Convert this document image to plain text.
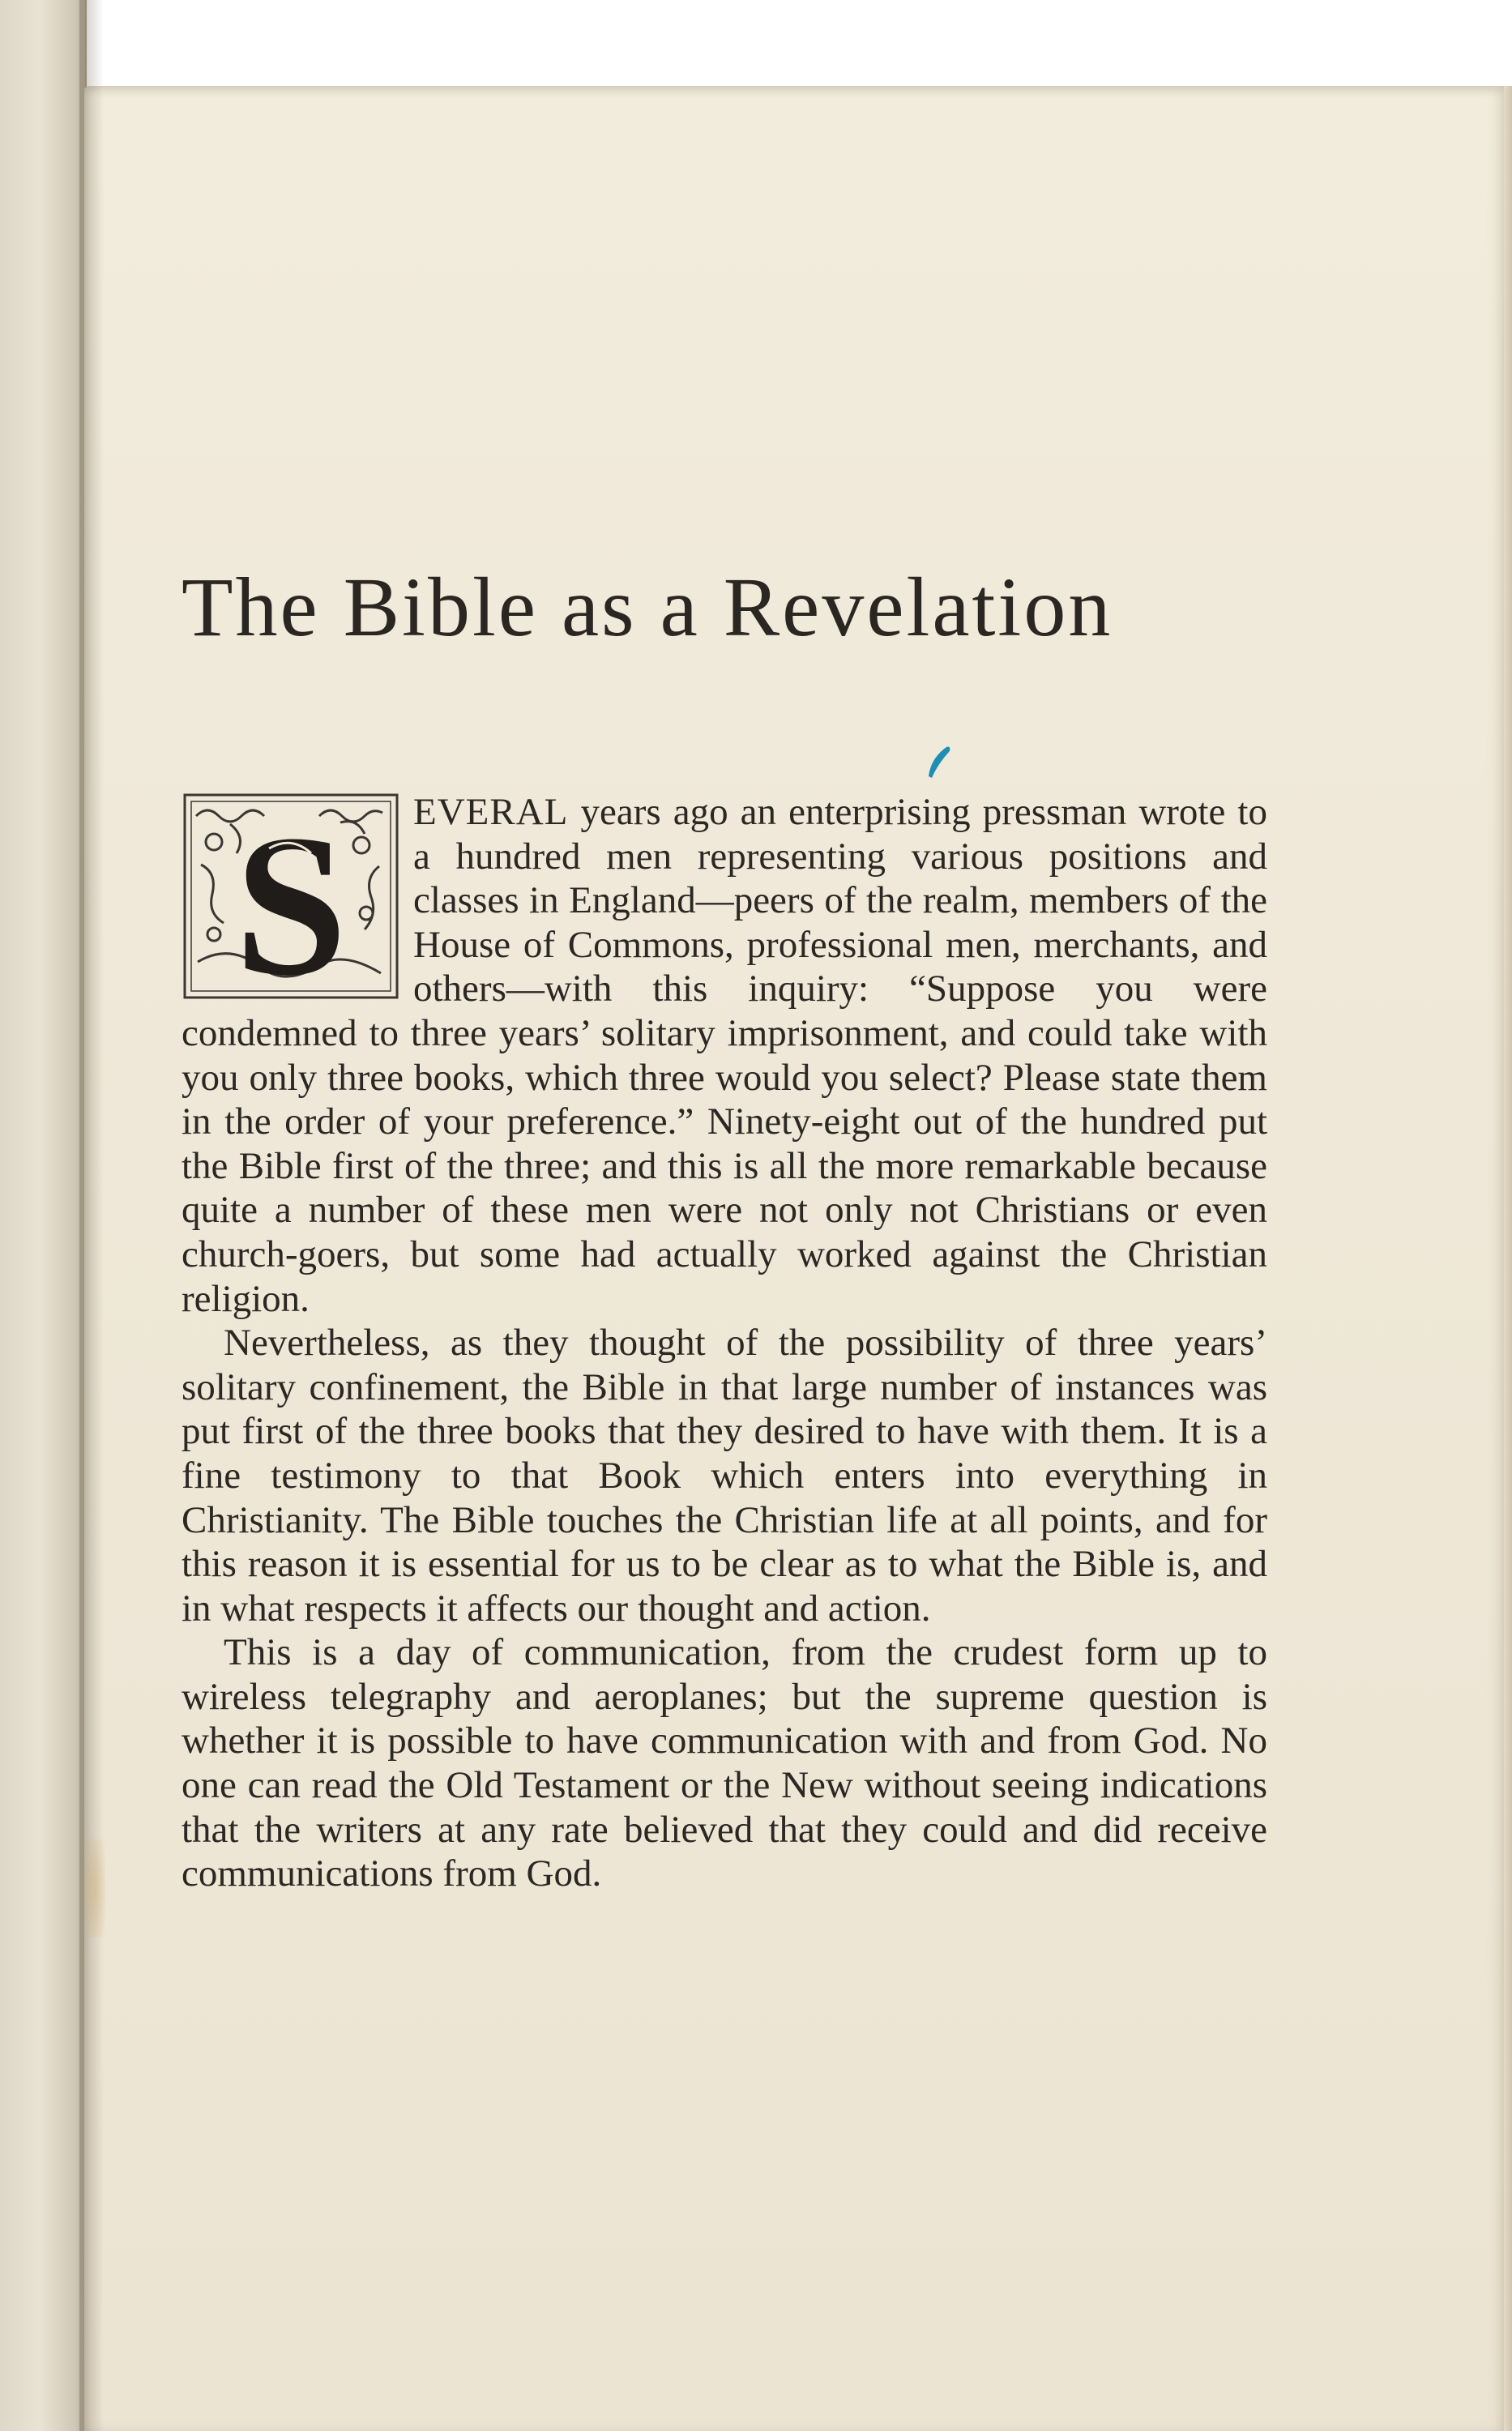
The Bible as a Revelation
S	EVERAL years ago an enterprising pressman wrote to a hundred men representing various positions and classes in England—peers of the realm, members of the House of Commons, professional men, merchants, and others—with this inquiry: “Suppose you were condemned to three years’ solitary imprisonment, and could take with you only three books, which three would you select? Please state them in the order of your preference.” Ninety-eight out of the hundred put the Bible first of the three; and this is all the more remarkable because quite a number of these men were not only not Christians or even church-goers, but some had actually worked against the Christian religion.

Nevertheless, as they thought of the possibility of three years’ solitary confinement, the Bible in that large number of instances was put first of the three books that they desired to have with them. It is a fine testimony to that Book which enters into everything in Christianity. The Bible touches the Christian life at all points, and for this reason it is essential for us to be clear as to what the Bible is, and in what respects it affects our thought and action.

This is a day of communication, from the crudest form up to wireless telegraphy and aeroplanes; but the supreme question is whether it is possible to have communication with and from God. No one can read the Old Testament or the New without seeing indications that the writers at any rate believed that they could and did receive communications from God.
